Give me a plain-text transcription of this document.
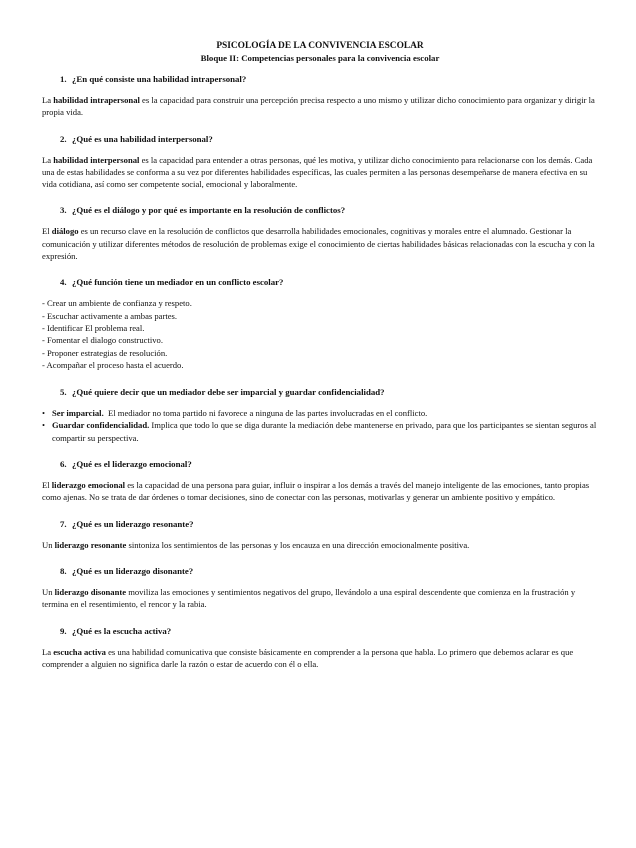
PSICOLOGÍA DE LA CONVIVENCIA ESCOLAR
Bloque II: Competencias personales para la convivencia escolar
1. ¿En qué consiste una habilidad intrapersonal?

La habilidad intrapersonal es la capacidad para construir una percepción precisa respecto a uno mismo y utilizar dicho conocimiento para organizar y dirigir la propia vida.

2. ¿Qué es una habilidad interpersonal?

La habilidad interpersonal es la capacidad para entender a otras personas, qué les motiva, y utilizar dicho conocimiento para relacionarse con los demás. Cada una de estas habilidades se conforma a su vez por diferentes habilidades específicas, las cuales permiten a las personas desempeñarse de manera efectiva en su vida cotidiana, así como ser competente social, emocional y laboralmente.

3. ¿Qué es el diálogo y por qué es importante en la resolución de conflictos?

El diálogo es un recurso clave en la resolución de conflictos que desarrolla habilidades emocionales, cognitivas y morales entre el alumnado. Gestionar la comunicación y utilizar diferentes métodos de resolución de problemas exige el conocimiento de ciertas habilidades básicas relacionadas con la escucha y con la expresión.

4. ¿Qué función tiene un mediador en un conflicto escolar?
- Crear un ambiente de confianza y respeto.
- Escuchar activamente a ambas partes.
- Identificar El problema real.
- Fomentar el dialogo constructivo.
- Proponer estrategias de resolución.
- Acompañar el proceso hasta el acuerdo.
5. ¿Qué quiere decir que un mediador debe ser imparcial y guardar confidencialidad?
• Ser imparcial.  El mediador no toma partido ni favorece a ninguna de las partes involucradas en el conflicto.
• Guardar confidencialidad. Implica que todo lo que se diga durante la mediación debe mantenerse en privado, para que los participantes se sientan seguros al compartir su perspectiva.
6. ¿Qué es el liderazgo emocional?

El liderazgo emocional es la capacidad de una persona para guiar, influir o inspirar a los demás a través del manejo inteligente de las emociones, tanto propias como ajenas. No se trata de dar órdenes o tomar decisiones, sino de conectar con las personas, motivarlas y generar un ambiente positivo y empático.

7. ¿Qué es un liderazgo resonante?

Un liderazgo resonante sintoniza los sentimientos de las personas y los encauza en una dirección emocionalmente positiva.

8. ¿Qué es un liderazgo disonante?

Un liderazgo disonante moviliza las emociones y sentimientos negativos del grupo, llevándolo a una espiral descendente que comienza en la frustración y termina en el resentimiento, el rencor y la rabia.

9. ¿Qué es la escucha activa?

La escucha activa es una habilidad comunicativa que consiste básicamente en comprender a la persona que habla. Lo primero que debemos aclarar es que comprender a alguien no significa darle la razón o estar de acuerdo con él o ella.
